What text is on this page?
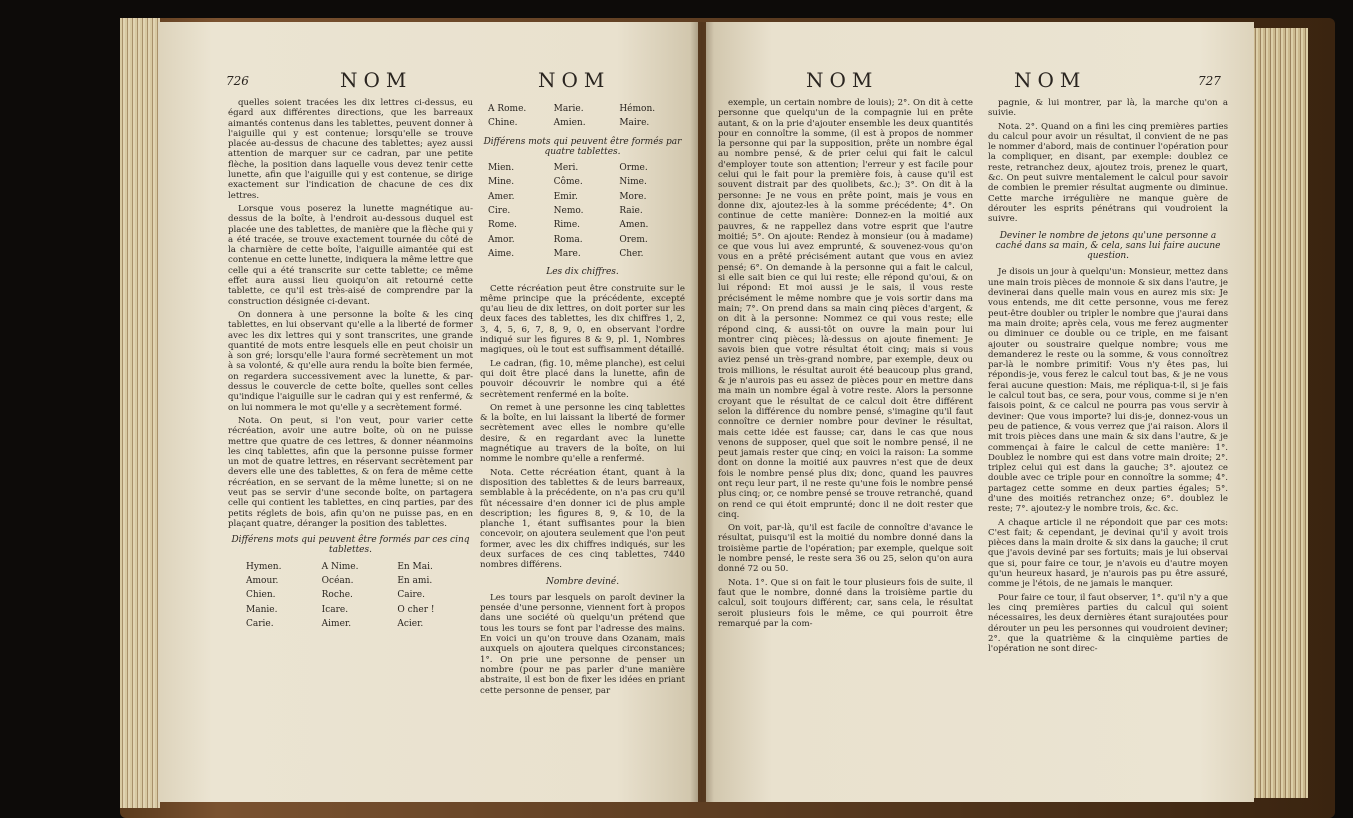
726	NOM	NOM

quelles soient tracées les dix lettres ci-dessus, eu égard aux différentes directions, que les barreaux aimantés contenus dans les tablettes, peuvent donner à l'aiguille qui y est contenue; lorsqu'elle se trouve placée au-dessus de chacune des tablettes; ayez aussi attention de marquer sur ce cadran, par une petite flèche, la position dans laquelle vous devez tenir cette lunette, afin que l'aiguille qui y est contenue, se dirige exactement sur l'indication de chacune de ces dix lettres.

Lorsque vous poserez la lunette magnétique au-dessus de la boîte, à l'endroit au-dessous duquel est placée une des tablettes, de manière que la flèche qui y a été tracée, se trouve exactement tournée du côté de la charnière de cette boîte, l'aiguille aimantée qui est contenue en cette lunette, indiquera la même lettre que celle qui a été transcrite sur cette tablette; ce même effet aura aussi lieu quoiqu'on ait retourné cette tablette, ce qu'il est très-aisé de comprendre par la construction désignée ci-devant.

On donnera à une personne la boîte & les cinq tablettes, en lui observant qu'elle a la liberté de former avec les dix lettres qui y sont transcrites, une grande quantité de mots entre lesquels elle en peut choisir un à son gré; lorsqu'elle l'aura formé secrètement un mot à sa volonté, & qu'elle aura rendu la boîte bien fermée, on regardera successivement avec la lunette, & par-dessus le couvercle de cette boîte, quelles sont celles qu'indique l'aiguille sur le cadran qui y est renfermé, & on lui nommera le mot qu'elle y a secrètement formé.

Nota. On peut, si l'on veut, pour varier cette récréation, avoir une autre boîte, où on ne puisse mettre que quatre de ces lettres, & donner néanmoins les cinq tablettes, afin que la personne puisse former un mot de quatre lettres, en réservant secrètement par devers elle une des tablettes, & on fera de même cette récréation, en se servant de la même lunette; si on ne veut pas se servir d'une seconde boîte, on partagera celle qui contient les tablettes, en cinq parties, par des petits réglets de bois, afin qu'on ne puisse pas, en en plaçant quatre, déranger la position des tablettes.

Différens mots qui peuvent être formés par ces cinq tablettes.

Hymen.	A Nime.	En Mai.
Amour.	Océan.	En ami.
Chien.	Roche.	Caire.
Manie.	Icare.	O cher !
Carie.	Aimer.	Acier.
A Rome.	Marie.	Hémon.
Chine.	Amien.	Maire.

Différens mots qui peuvent être formés par quatre tablettes.

Mien.	Meri.	Orme.
Mine.	Côme.	Nime.
Amer.	Emir.	More.
Cire.	Nemo.	Raie.
Rome.	Rime.	Amen.
Amor.	Roma.	Orem.
Aime.	Mare.	Cher.

Les dix chiffres.

Cette récréation peut être construite sur le même principe que la précédente, excepté qu'au lieu de dix lettres, on doit porter sur les deux faces des tablettes, les dix chiffres 1, 2, 3, 4, 5, 6, 7, 8, 9, 0, en observant l'ordre indiqué sur les figures 8 & 9, pl. 1, Nombres magiques, où le tout est suffisamment détaillé.

Le cadran, (fig. 10, même planche), est celui qui doit être placé dans la lunette, afin de pouvoir découvrir le nombre qui a été secrètement renfermé en la boîte.

On remet à une personne les cinq tablettes & la boîte, en lui laissant la liberté de former secrètement avec elles le nombre qu'elle desire, & en regardant avec la lunette magnétique au travers de la boîte, on lui nomme le nombre qu'elle a renfermé.

Nota. Cette récréation étant, quant à la disposition des tablettes & de leurs barreaux, semblable à la précédente, on n'a pas cru qu'il fût nécessaire d'en donner ici de plus ample description; les figures 8, 9, & 10, de la planche 1, étant suffisantes pour la bien concevoir, on ajoutera seulement que l'on peut former, avec les dix chiffres indiqués, sur les deux surfaces de ces cinq tablettes, 7440 nombres différens.

Nombre deviné.

Les tours par lesquels on paroît deviner la pensée d'une personne, viennent fort à propos dans une société où quelqu'un prétend que tous les tours se font par l'adresse des mains. En voici un qu'on trouve dans Ozanam, mais auxquels on ajoutera quelques circonstances; 1°. On prie une personne de penser un nombre (pour ne pas parler d'une manière abstraite, il est bon de fixer les idées en priant cette personne de penser, par

NOM	NOM	727

exemple, un certain nombre de louis); 2°. On dit à cette personne que quelqu'un de la compagnie lui en prête autant, & on la prie d'ajouter ensemble les deux quantités pour en connoître la somme, (il est à propos de nommer la personne qui par la supposition, prête un nombre égal au nombre pensé, & de prier celui qui fait le calcul d'employer toute son attention; l'erreur y est facile pour celui qui le fait pour la première fois, à cause qu'il est souvent distrait par des quolibets, &c.); 3°. On dit à la personne: Je ne vous en prête point, mais je vous en donne dix, ajoutez-les à la somme précédente; 4°. On continue de cette manière: Donnez-en la moitié aux pauvres, & ne rappellez dans votre esprit que l'autre moitié; 5°. On ajoute: Rendez à monsieur (ou à madame) ce que vous lui avez emprunté, & souvenez-vous qu'on vous en a prêté précisément autant que vous en aviez pensé; 6°. On demande à la personne qui a fait le calcul, si elle sait bien ce qui lui reste; elle répond qu'oui, & on lui répond: Et moi aussi je le sais, il vous reste précisément le même nombre que je vois sortir dans ma main; 7°. On prend dans sa main cinq pièces d'argent, & on dit à la personne: Nommez ce qui vous reste; elle répond cinq, & aussi-tôt on ouvre la main pour lui montrer cinq pièces; là-dessus on ajoute finement: Je savois bien que votre résultat étoit cinq; mais si vous aviez pensé un très-grand nombre, par exemple, deux ou trois millions, le résultat auroit été beaucoup plus grand, & je n'aurois pas eu assez de pièces pour en mettre dans ma main un nombre égal à votre reste. Alors la personne croyant que le résultat de ce calcul doit être différent selon la différence du nombre pensé, s'imagine qu'il faut connoître ce dernier nombre pour deviner le résultat, mais cette idée est fausse; car, dans le cas que nous venons de supposer, quel que soit le nombre pensé, il ne peut jamais rester que cinq; en voici la raison: La somme dont on donne la moitié aux pauvres n'est que de deux fois le nombre pensé plus dix; donc, quand les pauvres ont reçu leur part, il ne reste qu'une fois le nombre pensé plus cinq; or, ce nombre pensé se trouve retranché, quand on rend ce qui étoit emprunté; donc il ne doit rester que cinq.

On voit, par-là, qu'il est facile de connoître d'avance le résultat, puisqu'il est la moitié du nombre donné dans la troisième partie de l'opération; par exemple, quelque soit le nombre pensé, le reste sera 36 ou 25, selon qu'on aura donné 72 ou 50.

Nota. 1°. Que si on fait le tour plusieurs fois de suite, il faut que le nombre, donné dans la troisième partie du calcul, soit toujours différent; car, sans cela, le résultat seroit plusieurs fois le même, ce qui pourroit être remarqué par la com-

pagnie, & lui montrer, par là, la marche qu'on a suivie.

Nota. 2°. Quand on a fini les cinq premières parties du calcul pour avoir un résultat, il convient de ne pas le nommer d'abord, mais de continuer l'opération pour la compliquer, en disant, par exemple: doublez ce reste, retranchez deux, ajoutez trois, prenez le quart, &c. On peut suivre mentalement le calcul pour savoir de combien le premier résultat augmente ou diminue. Cette marche irrégulière ne manque guère de dérouter les esprits pénétrans qui voudroient la suivre.

Deviner le nombre de jetons qu'une personne a caché dans sa main, & cela, sans lui faire aucune question.

Je disois un jour à quelqu'un: Monsieur, mettez dans une main trois pièces de monnoie & six dans l'autre, je devinerai dans quelle main vous en aurez mis six: Je vous entends, me dit cette personne, vous me ferez peut-être doubler ou tripler le nombre que j'aurai dans ma main droite; après cela, vous me ferez augmenter ou diminuer ce double ou ce triple, en me faisant ajouter ou soustraire quelque nombre; vous me demanderez le reste ou la somme, & vous connoîtrez par-là le nombre primitif: Vous n'y êtes pas, lui répondis-je, vous ferez le calcul tout bas, & je ne vous ferai aucune question: Mais, me répliqua-t-il, si je fais le calcul tout bas, ce sera, pour vous, comme si je n'en faisois point, & ce calcul ne pourra pas vous servir à deviner: Que vous importe? lui dis-je, donnez-vous un peu de patience, & vous verrez que j'ai raison. Alors il mit trois pièces dans une main & six dans l'autre, & je commençai à faire le calcul de cette manière: 1°. Doublez le nombre qui est dans votre main droite; 2°. triplez celui qui est dans la gauche; 3°. ajoutez ce double avec ce triple pour en connoître la somme; 4°. partagez cette somme en deux parties égales; 5°. d'une des moitiés retranchez onze; 6°. doublez le reste; 7°. ajoutez-y le nombre trois, &c. &c.

A chaque article il ne répondoit que par ces mots: C'est fait; & cependant, je devinai qu'il y avoit trois pièces dans la main droite & six dans la gauche; il crut que j'avois deviné par ses fortuits; mais je lui observai que si, pour faire ce tour, je n'avois eu d'autre moyen qu'un heureux hasard, je n'aurois pas pu être assuré, comme je l'étois, de ne jamais le manquer.

Pour faire ce tour, il faut observer, 1°. qu'il n'y a que les cinq premières parties du calcul qui soient nécessaires, les deux dernières étant surajoutées pour dérouter un peu les personnes qui voudroient deviner; 2°. que la quatrième & la cinquième parties de l'opération ne sont direc-
